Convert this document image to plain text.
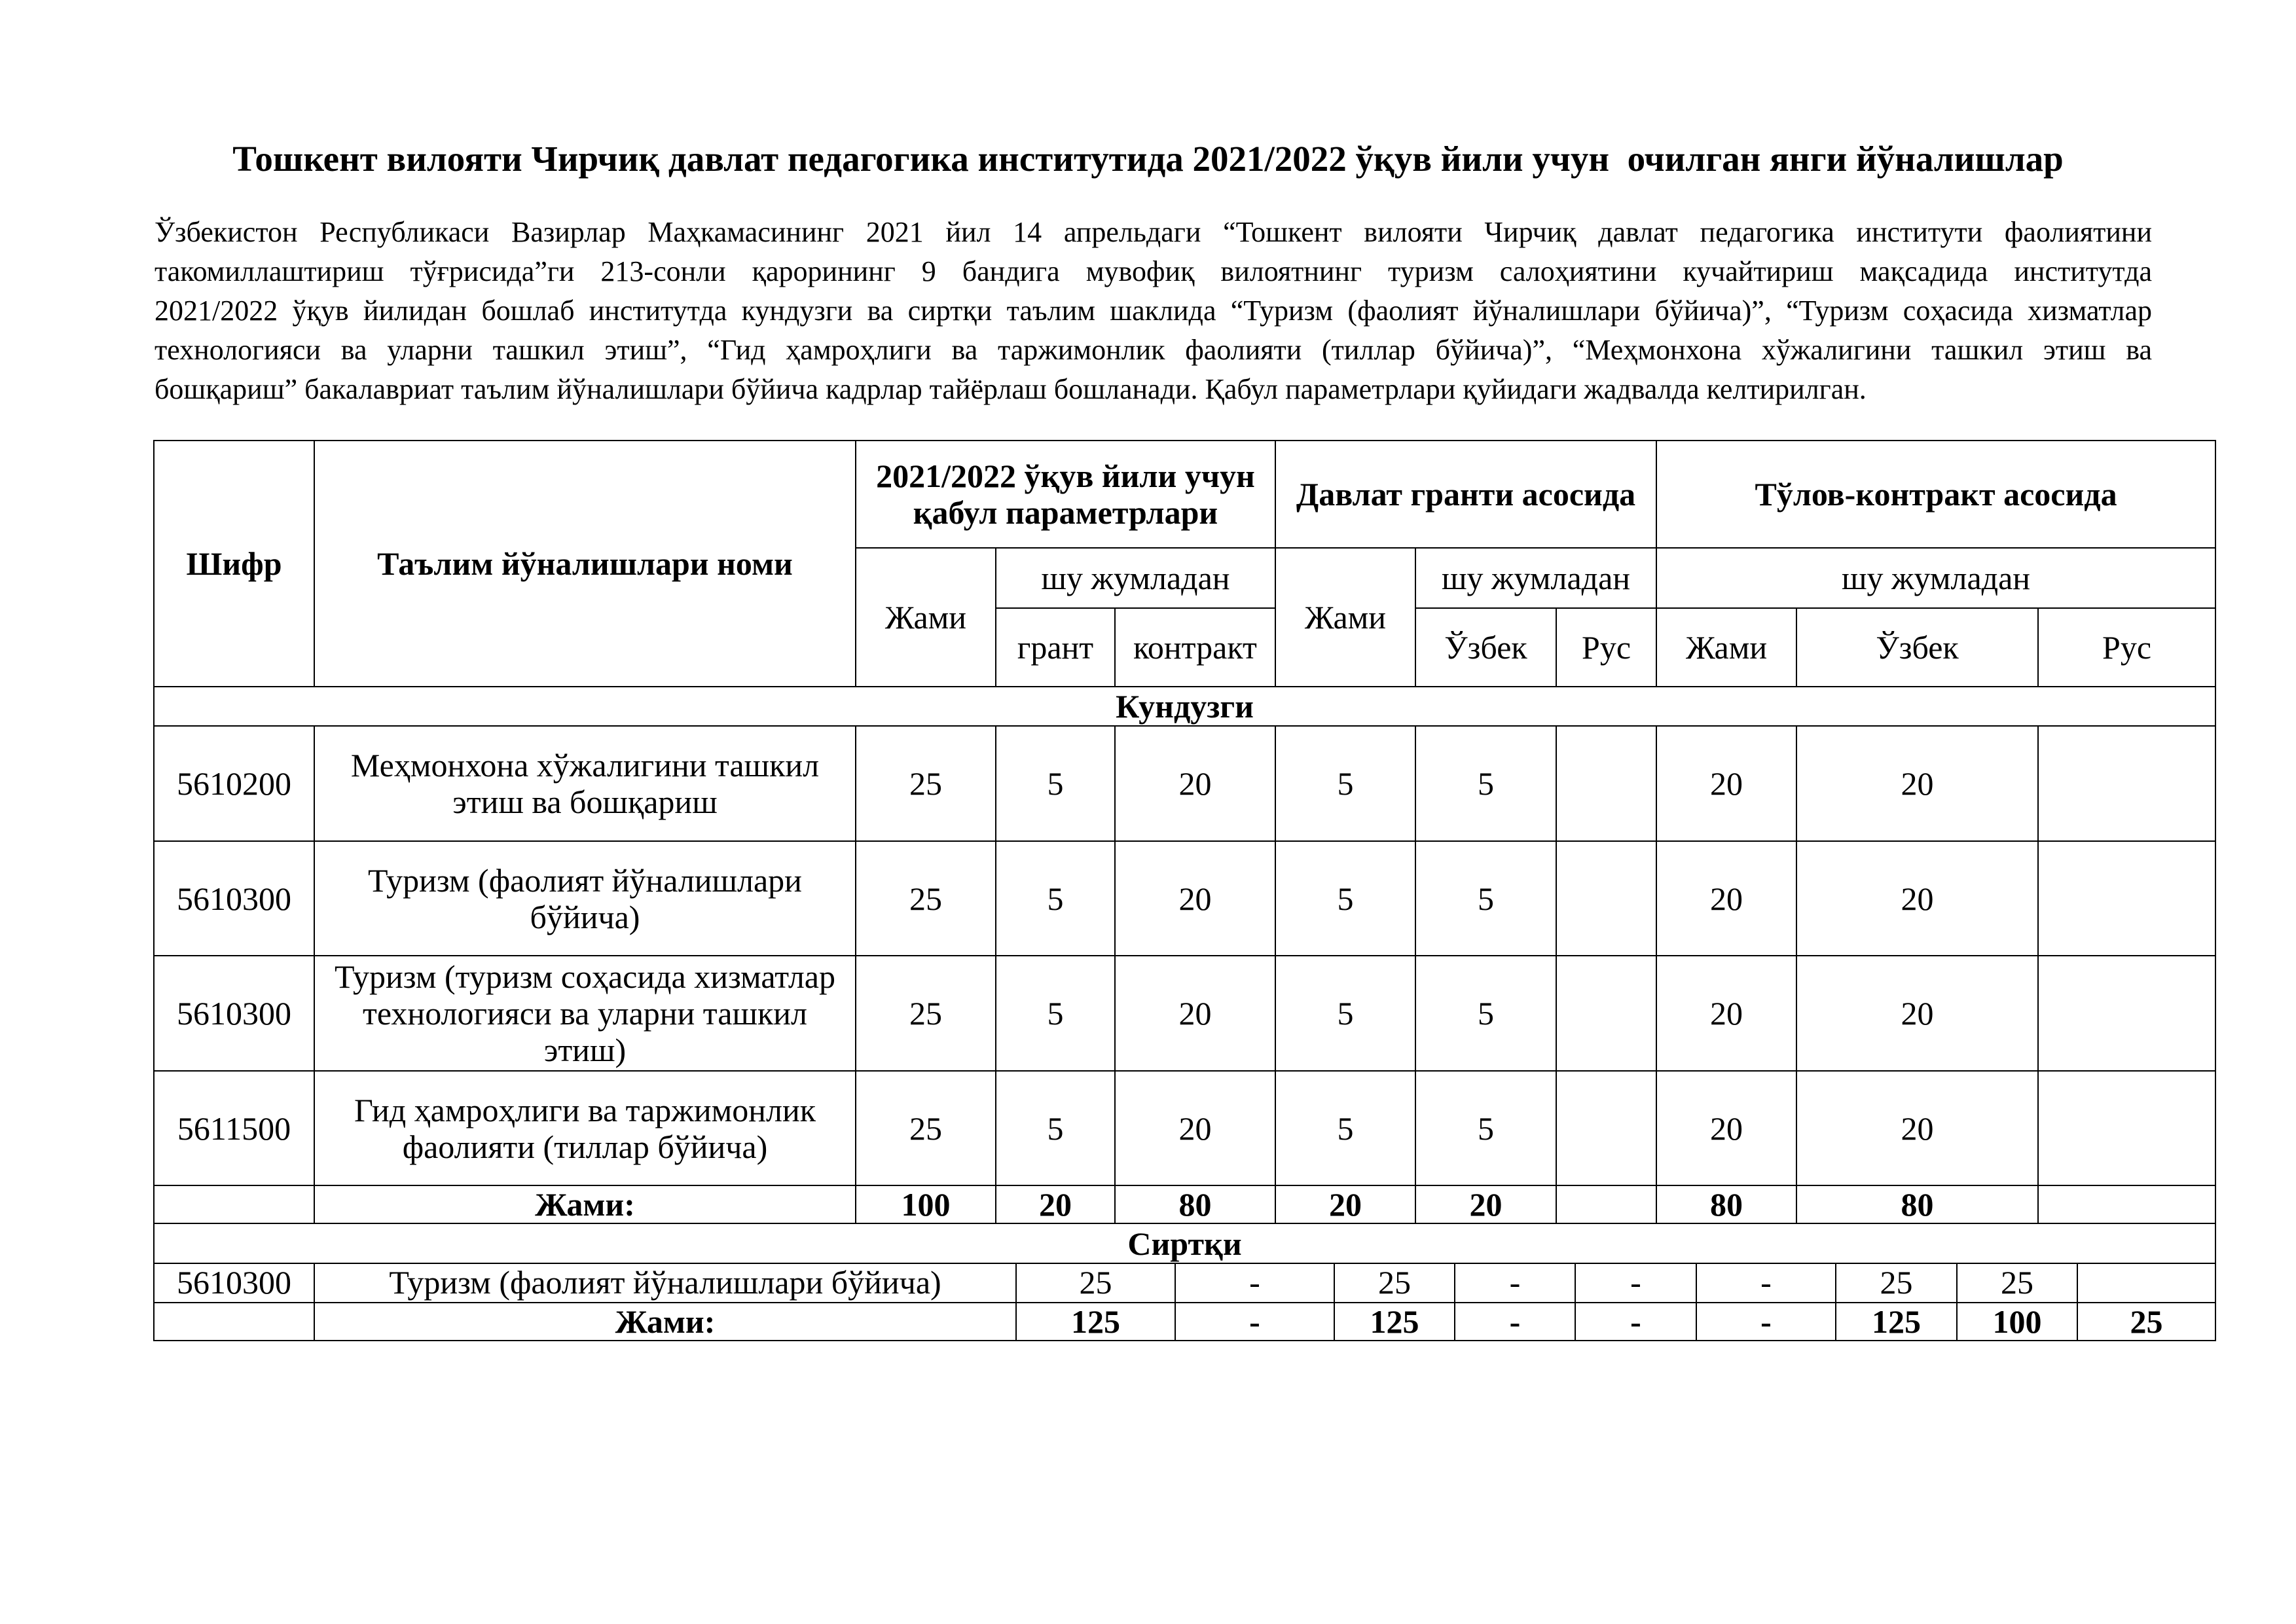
Тошкент вилояти Чирчиқ давлат педагогика институтида 2021/2022 ўқув йили учун  очилган янги йўналишлар
Ўзбекистон Республикаси Вазирлар Маҳкамасининг 2021 йил 14 апрельдаги “Тошкент вилояти Чирчиқ давлат педагогика институти фаолиятини
такомиллаштириш тўғрисида”ги 213-сонли қарорининг 9 бандига мувофиқ вилоятнинг туризм салоҳиятини кучайтириш мақсадида институтда
2021/2022 ўқув йилидан бошлаб институтда кундузги ва сиртқи таълим шаклида “Туризм (фаолият йўналишлари бўйича)”, “Туризм соҳасида хизматлар
технологияси ва уларни ташкил этиш”, “Гид ҳамроҳлиги ва таржимонлик фаолияти (тиллар бўйича)”, “Меҳмонхона хўжалигини ташкил этиш ва
бошқариш” бакалавриат таълим йўналишлари бўйича кадрлар тайёрлаш бошланади. Қабул параметрлари қуйидаги жадвалда келтирилган.
Шифр	Таълим йўналишлари номи	2021/2022 ўқув йили учун
қабул параметрлари			Давлат гранти асосида			Тўлов-контракт асосида		
		Жами	шу жумладан		Жами	шу жумладан		шу жумладан		
			грант	контракт		Ўзбек	Рус	Жами	Ўзбек	Рус
Кундузги										
5610200	Меҳмонхона хўжалигини ташкил этиш ва бошқариш	25	5	20	5	5		20	20	
5610300	Туризм (фаолият йўналишлари бўйича)	25	5	20	5	5		20	20	
5610300	Туризм (туризм соҳасида хизматлар технологияси ва уларни ташкил этиш)	25	5	20	5	5		20	20	
5611500	Гид ҳамроҳлиги ва таржимонлик фаолияти (тиллар бўйича)	25	5	20	5	5		20	20	
	Жами:	100	20	80	20	20		80	80	
Сиртқи										
5610300	Туризм (фаолият йўналишлари бўйича)	25	-	25	-	-	-	25	25	
	Жами:	125	-	125	-	-	-	125	100	25
